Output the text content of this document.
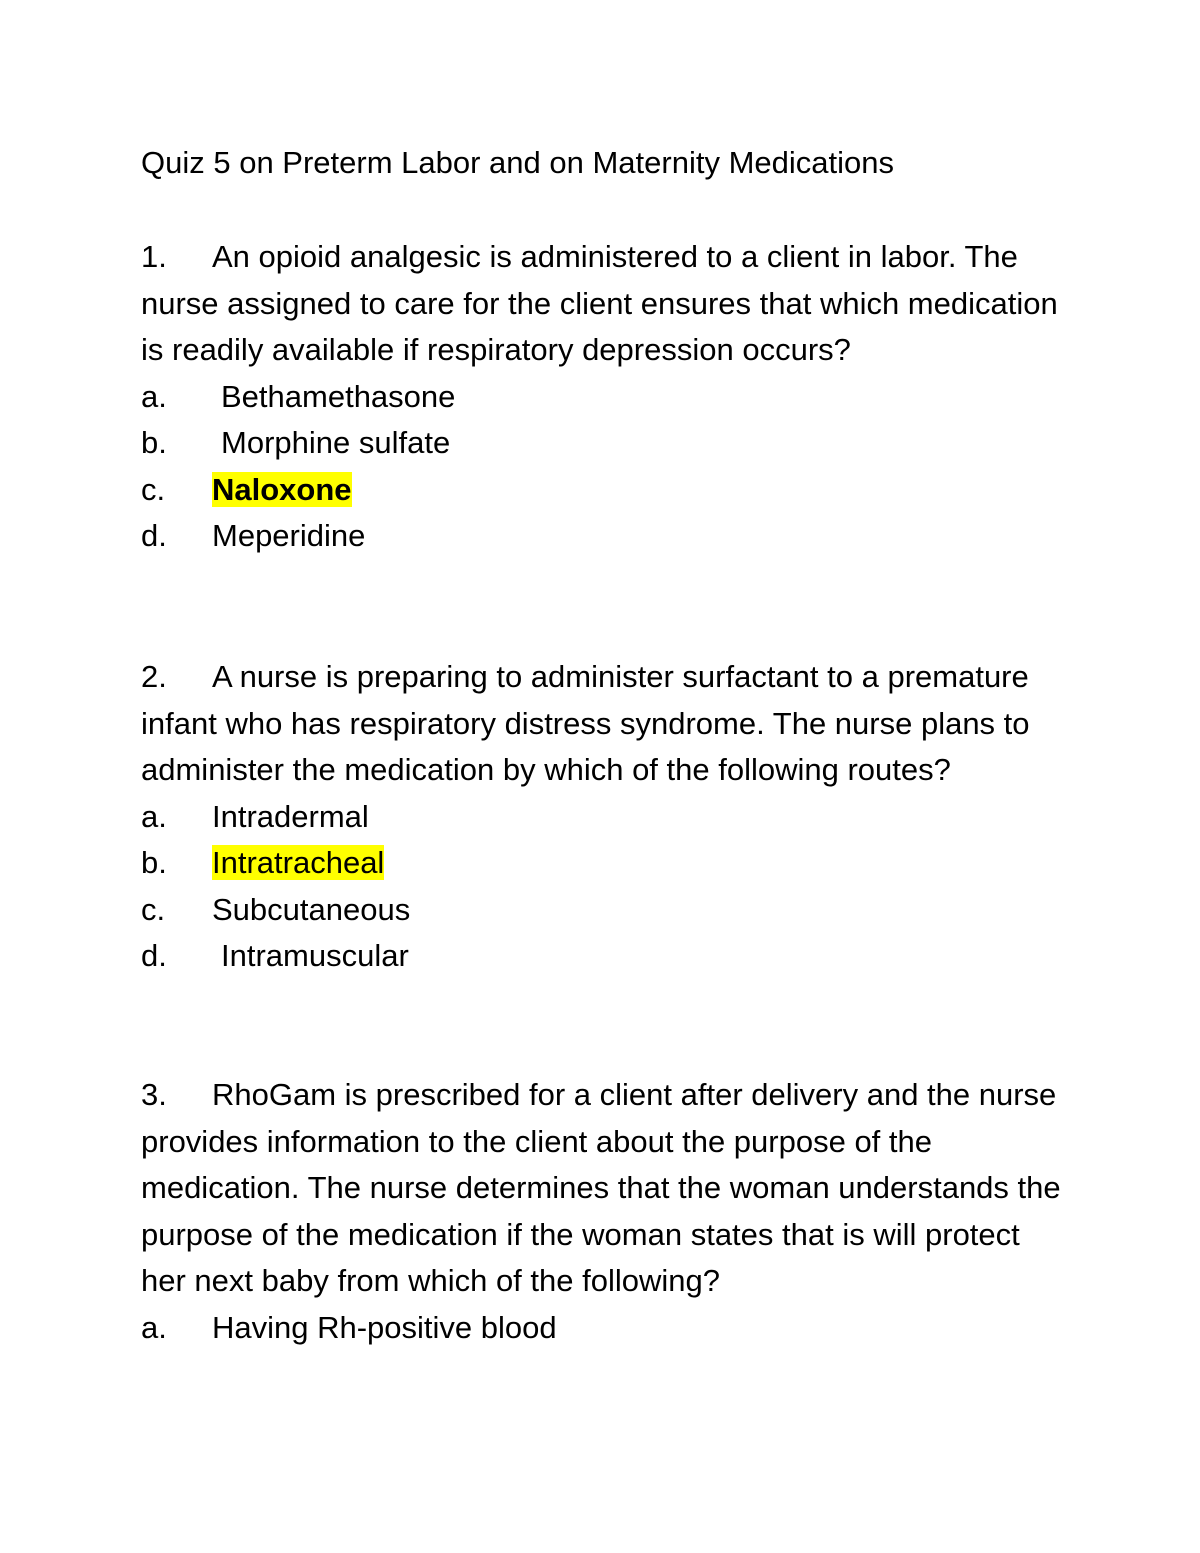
Quiz 5 on Preterm Labor and on Maternity Medications

1. An opioid analgesic is administered to a client in labor. The nurse assigned to care for the client ensures that which medication is readily available if respiratory depression occurs?

a. Bethamethasone
b. Morphine sulfate
c. Naloxone
d. Meperidine

2. A nurse is preparing to administer surfactant to a premature infant who has respiratory distress syndrome. The nurse plans to administer the medication by which of the following routes?

a. Intradermal
b. Intratracheal
c. Subcutaneous
d. Intramuscular

3. RhoGam is prescribed for a client after delivery and the nurse provides information to the client about the purpose of the medication. The nurse determines that the woman understands the purpose of the medication if the woman states that is will protect her next baby from which of the following?

a. Having Rh-positive blood
